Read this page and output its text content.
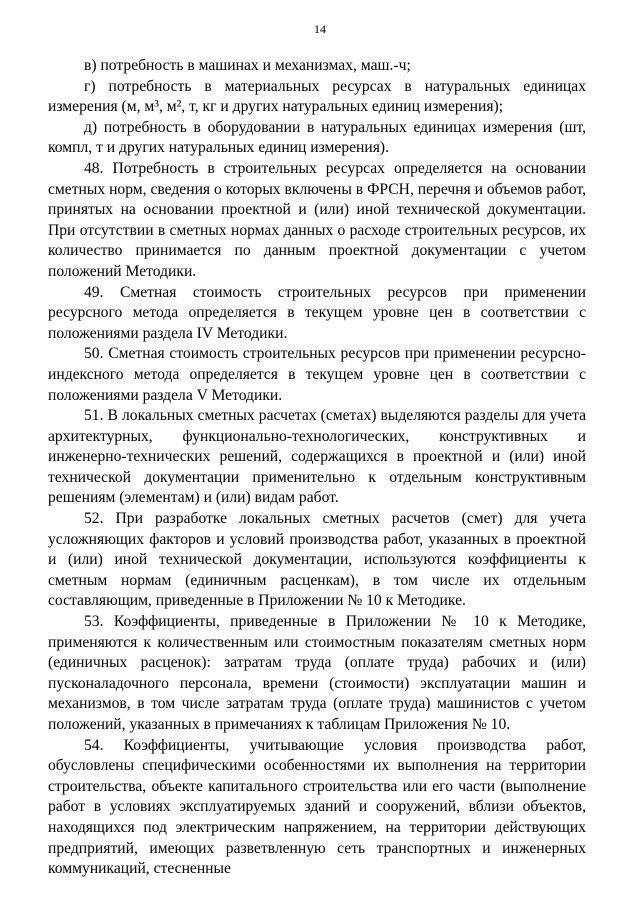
14

в) потребность в машинах и механизмах, маш.-ч;

г) потребность в материальных ресурсах в натуральных единицах измерения (м, м³, м², т, кг и других натуральных единиц измерения);

д) потребность в оборудовании в натуральных единицах измерения (шт, компл, т и других натуральных единиц измерения).

48. Потребность в строительных ресурсах определяется на основании сметных норм, сведения о которых включены в ФРСН, перечня и объемов работ, принятых на основании проектной и (или) иной технической документации. При отсутствии в сметных нормах данных о расходе строительных ресурсов, их количество принимается по данным проектной документации с учетом положений Методики.

49. Сметная стоимость строительных ресурсов при применении ресурсного метода определяется в текущем уровне цен в соответствии с положениями раздела IV Методики.

50. Сметная стоимость строительных ресурсов при применении ресурсно-индексного метода определяется в текущем уровне цен в соответствии с положениями раздела V Методики.

51. В локальных сметных расчетах (сметах) выделяются разделы для учета архитектурных, функционально-технологических, конструктивных и инженерно-технических решений, содержащихся в проектной и (или) иной технической документации применительно к отдельным конструктивным решениям (элементам) и (или) видам работ.

52. При разработке локальных сметных расчетов (смет) для учета усложняющих факторов и условий производства работ, указанных в проектной и (или) иной технической документации, используются коэффициенты к сметным нормам (единичным расценкам), в том числе их отдельным составляющим, приведенные в Приложении № 10 к Методике.

53. Коэффициенты, приведенные в Приложении № 10 к Методике, применяются к количественным или стоимостным показателям сметных норм (единичных расценок): затратам труда (оплате труда) рабочих и (или) пусконаладочного персонала, времени (стоимости) эксплуатации машин и механизмов, в том числе затратам труда (оплате труда) машинистов с учетом положений, указанных в примечаниях к таблицам Приложения № 10.

54. Коэффициенты, учитывающие условия производства работ, обусловлены специфическими особенностями их выполнения на территории строительства, объекте капитального строительства или его части (выполнение работ в условиях эксплуатируемых зданий и сооружений, вблизи объектов, находящихся под электрическим напряжением, на территории действующих предприятий, имеющих разветвленную сеть транспортных и инженерных коммуникаций, стесненные
